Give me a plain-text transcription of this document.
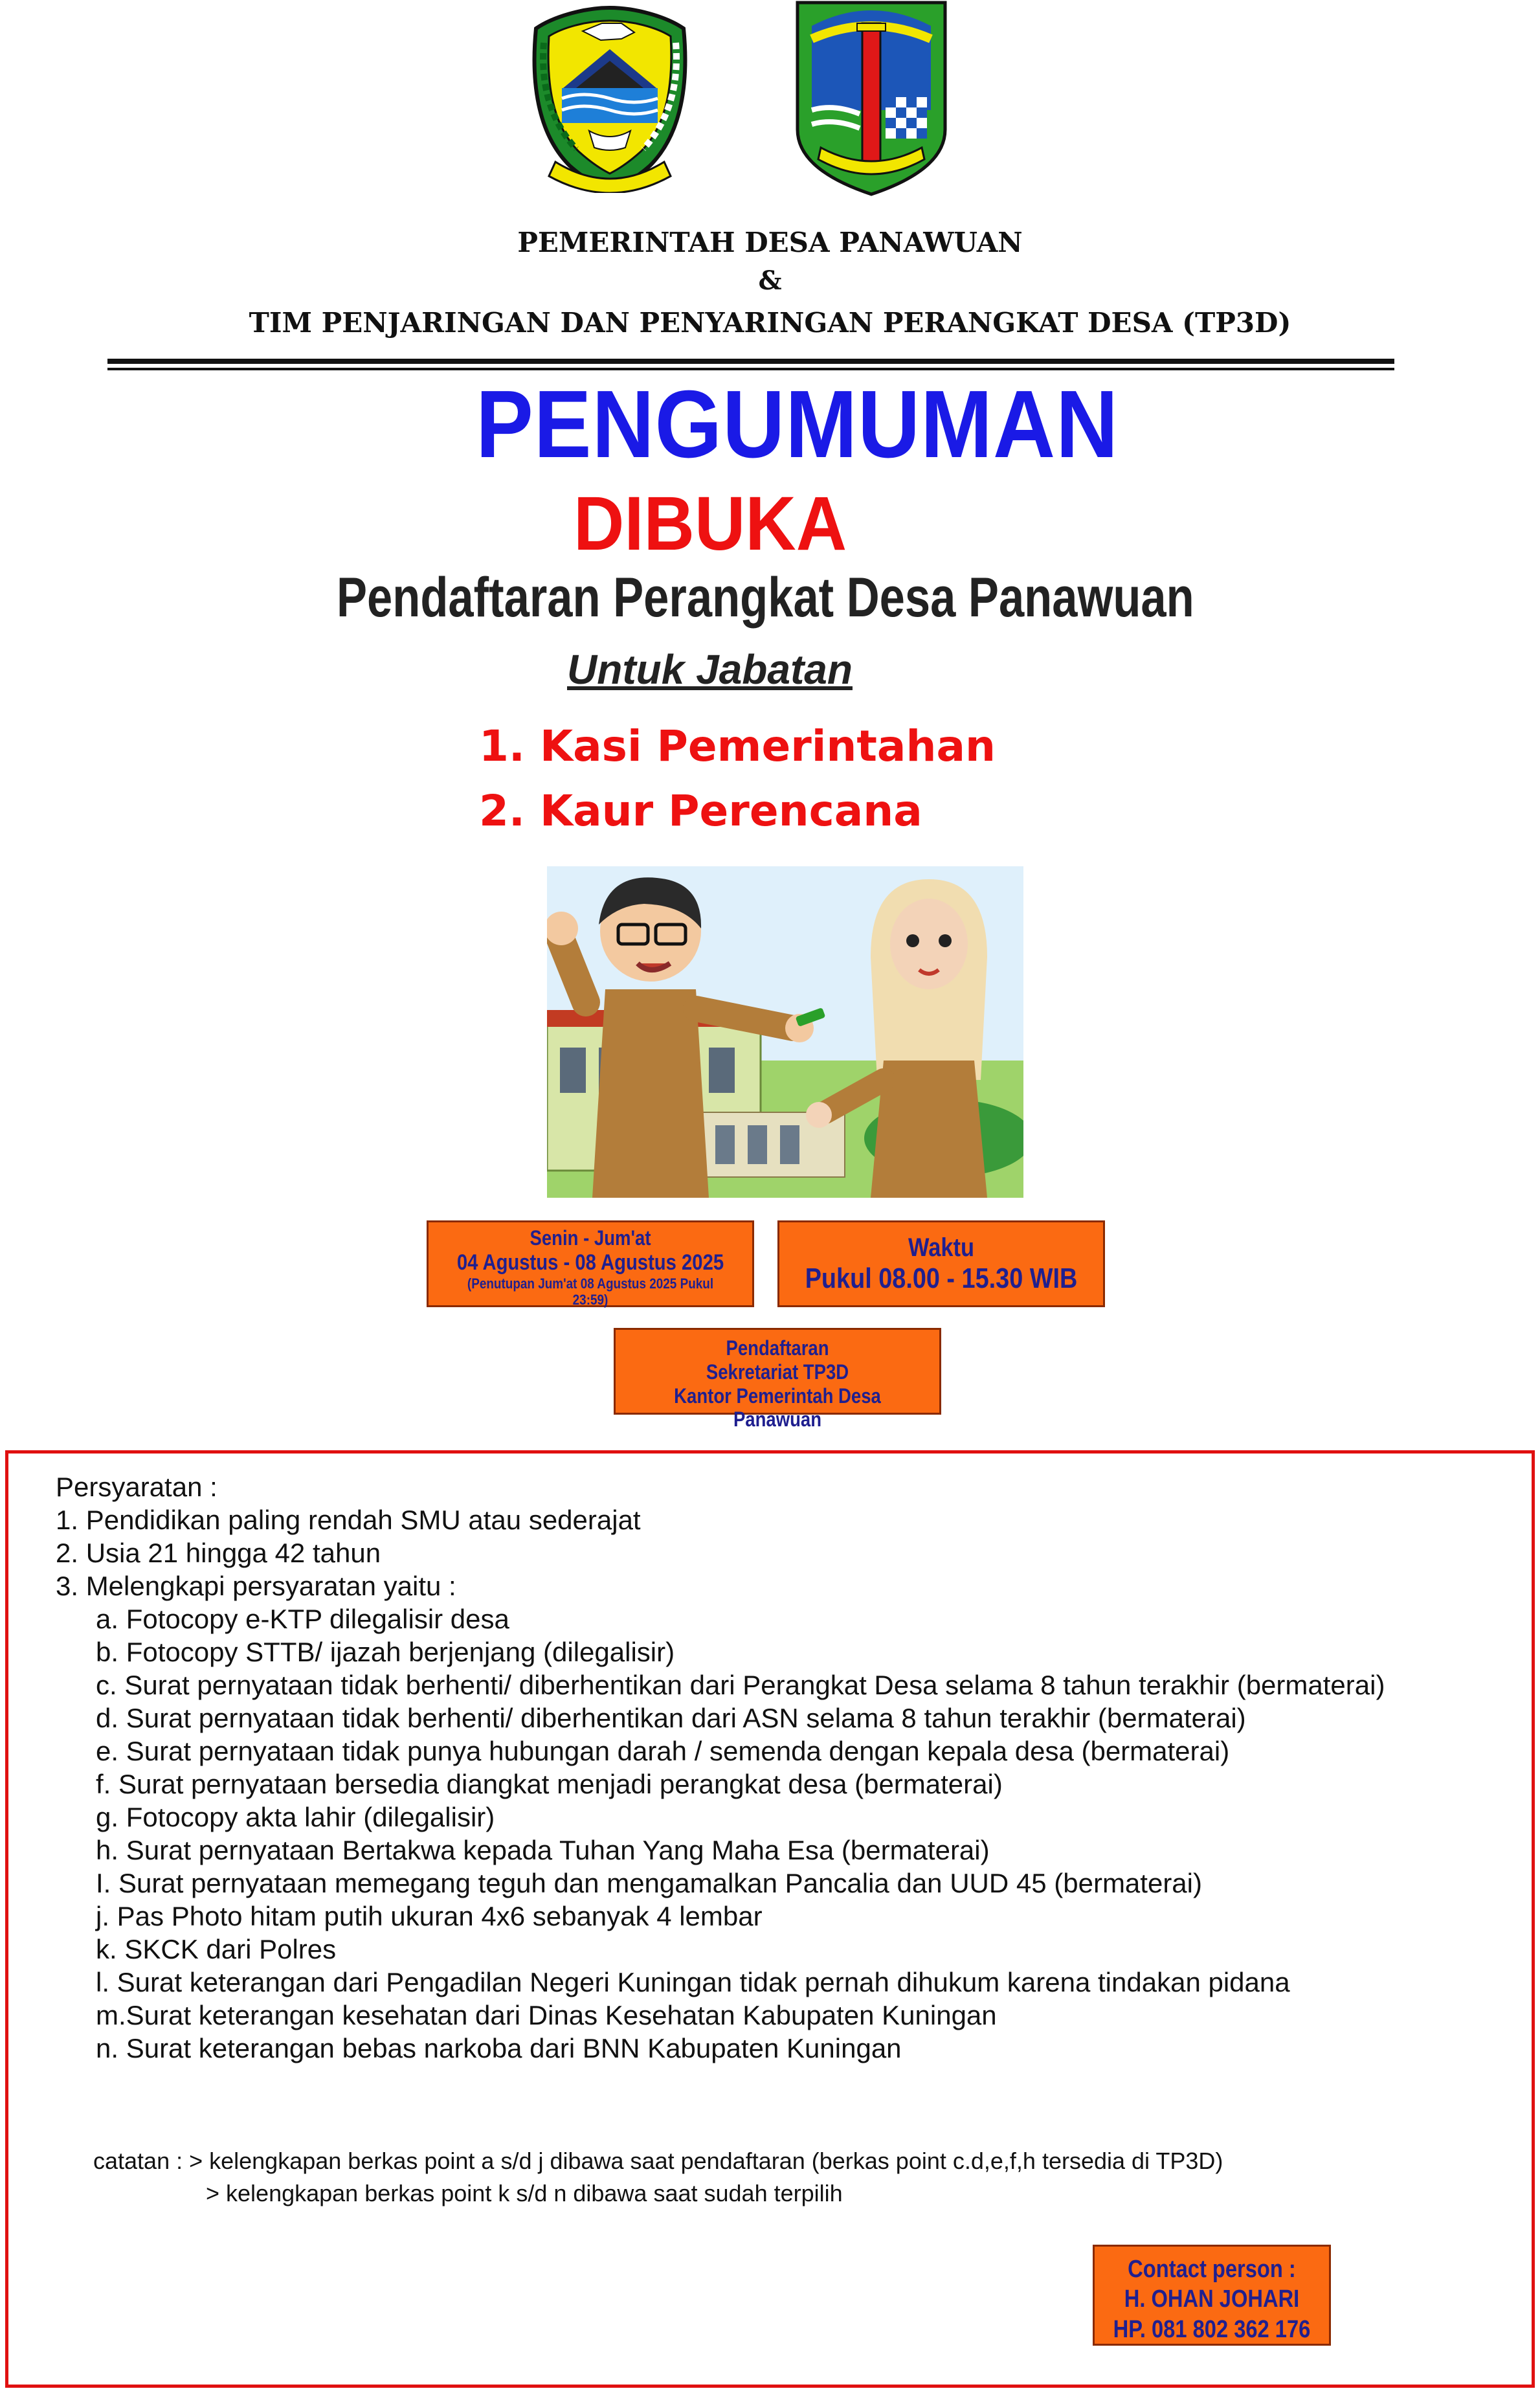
PEMERINTAH DESA PANAWUAN
&
TIM PENJARINGAN DAN PENYARINGAN PERANGKAT DESA (TP3D)
PENGUMUMAN
DIBUKA
Pendaftaran Perangkat Desa Panawuan
Untuk Jabatan
1. Kasi Pemerintahan
2. Kaur Perencana
Senin - Jum'at
04 Agustus - 08 Agustus 2025
(Penutupan Jum'at 08 Agustus 2025 Pukul 23:59)
Waktu
Pukul 08.00 - 15.30 WIB
Pendaftaran
Sekretariat TP3D
Kantor Pemerintah Desa Panawuan
Persyaratan :
1. Pendidikan paling rendah SMU atau sederajat
2. Usia 21 hingga 42 tahun
3. Melengkapi persyaratan yaitu :
a. Fotocopy e-KTP dilegalisir desa
b. Fotocopy STTB/ ijazah berjenjang (dilegalisir)
c. Surat pernyataan tidak berhenti/ diberhentikan dari Perangkat Desa selama 8 tahun terakhir (bermaterai)
d. Surat pernyataan tidak berhenti/ diberhentikan dari ASN selama 8 tahun terakhir (bermaterai)
e. Surat pernyataan tidak punya hubungan darah / semenda dengan kepala desa (bermaterai)
f. Surat pernyataan bersedia diangkat menjadi perangkat desa (bermaterai)
g. Fotocopy akta lahir (dilegalisir)
h. Surat pernyataan Bertakwa kepada Tuhan Yang Maha Esa (bermaterai)
I. Surat pernyataan memegang teguh dan mengamalkan Pancalia dan UUD 45 (bermaterai)
j. Pas Photo hitam putih ukuran 4x6 sebanyak 4 lembar
k. SKCK dari Polres
l. Surat keterangan dari Pengadilan Negeri Kuningan tidak pernah dihukum karena tindakan pidana
m.Surat keterangan kesehatan dari Dinas Kesehatan Kabupaten Kuningan
n. Surat keterangan bebas narkoba dari BNN Kabupaten Kuningan
catatan : > kelengkapan berkas point a s/d j dibawa saat pendaftaran (berkas point c.d,e,f,h tersedia di TP3D)
> kelengkapan berkas point k s/d n dibawa saat sudah terpilih
Contact person :
H. OHAN JOHARI
HP. 081 802 362 176
